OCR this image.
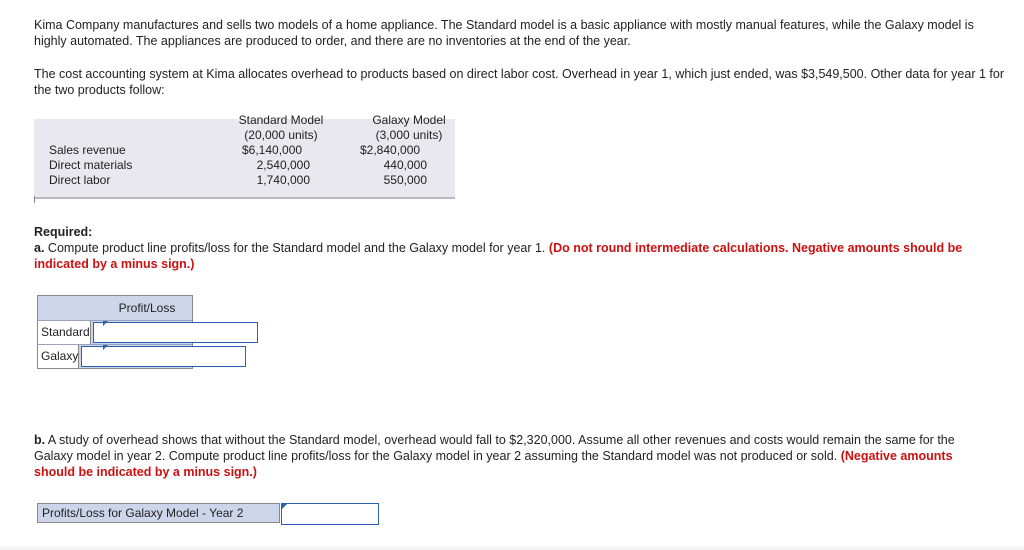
Kima Company manufactures and sells two models of a home appliance. The Standard model is a basic appliance with mostly manual features, while the Galaxy model is highly automated. The appliances are produced to order, and there are no inventories at the end of the year.

The cost accounting system at Kima allocates overhead to products based on direct labor cost. Overhead in year 1, which just ended, was $3,549,500. Other data for year 1 for the two products follow:

Standard Model
(20,000 units)
Galaxy Model
(3,000 units)
Sales revenue	$6,140,000	$2,840,000
Direct materials	2,540,000	440,000
Direct labor	1,740,000	550,000

Required:

a. Compute product line profits/loss for the Standard model and the Galaxy model for year 1. (Do not round intermediate calculations. Negative amounts should be indicated by a minus sign.)

Profit/Loss
Standard
Galaxy

b. A study of overhead shows that without the Standard model, overhead would fall to $2,320,000. Assume all other revenues and costs would remain the same for the Galaxy model in year 2. Compute product line profits/loss for the Galaxy model in year 2 assuming the Standard model was not produced or sold. (Negative amounts should be indicated by a minus sign.)

Profits/Loss for Galaxy Model - Year 2
